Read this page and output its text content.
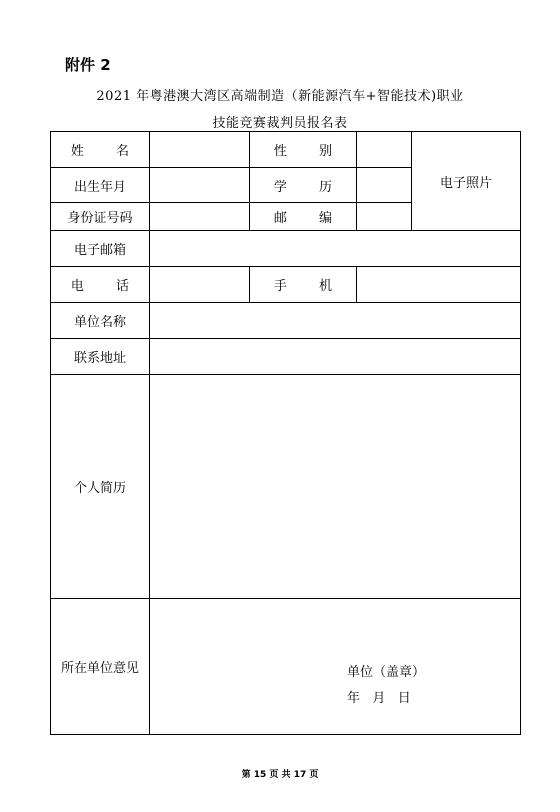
附件 2
2021 年粤港澳大湾区高端制造（新能源汽车+智能技术)职业
技能竞赛裁判员报名表
姓 名		性 别		电子照片
出生年月		学 历		
身份证号码		邮 编		
电子邮箱				
电 话		手 机		
单位名称				
联系地址				
个人简历				
所在单位意见	单位（盖章）
年   月   日			
第 15 页 共 17 页
